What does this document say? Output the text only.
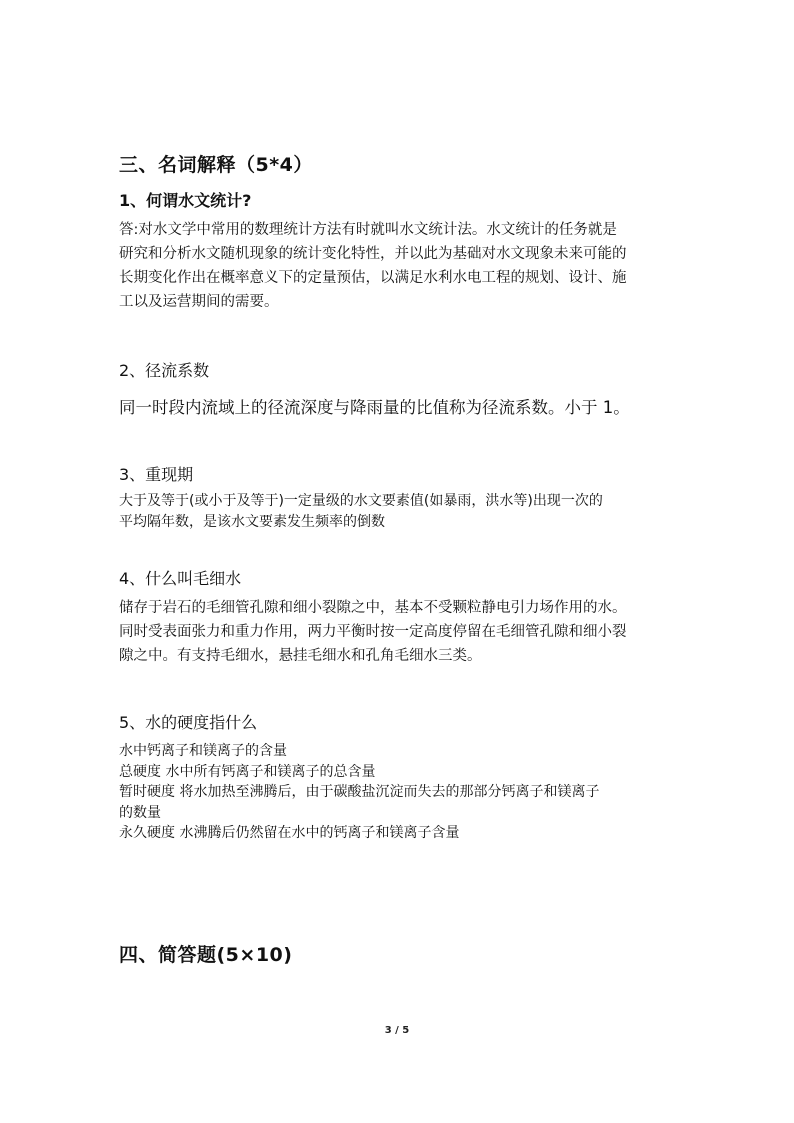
三、名词解释（5*4）
1、何谓水文统计?
答:对水文学中常用的数理统计方法有时就叫水文统计法。水文统计的任务就是
研究和分析水文随机现象的统计变化特性，并以此为基础对水文现象未来可能的
长期变化作出在概率意义下的定量预估，以满足水利水电工程的规划、设计、施
工以及运营期间的需要。
2、径流系数
同一时段内流域上的径流深度与降雨量的比值称为径流系数。小于 1。
3、重现期
大于及等于(或小于及等于)一定量级的水文要素值(如暴雨，洪水等)出现一次的
平均隔年数，是该水文要素发生频率的倒数
4、什么叫毛细水
储存于岩石的毛细管孔隙和细小裂隙之中，基本不受颗粒静电引力场作用的水。
同时受表面张力和重力作用，两力平衡时按一定高度停留在毛细管孔隙和细小裂
隙之中。有支持毛细水，悬挂毛细水和孔角毛细水三类。
5、水的硬度指什么
水中钙离子和镁离子的含量
总硬度 水中所有钙离子和镁离子的总含量
暂时硬度 将水加热至沸腾后，由于碳酸盐沉淀而失去的那部分钙离子和镁离子
的数量
永久硬度 水沸腾后仍然留在水中的钙离子和镁离子含量
四、简答题(5×10)
3 / 5
